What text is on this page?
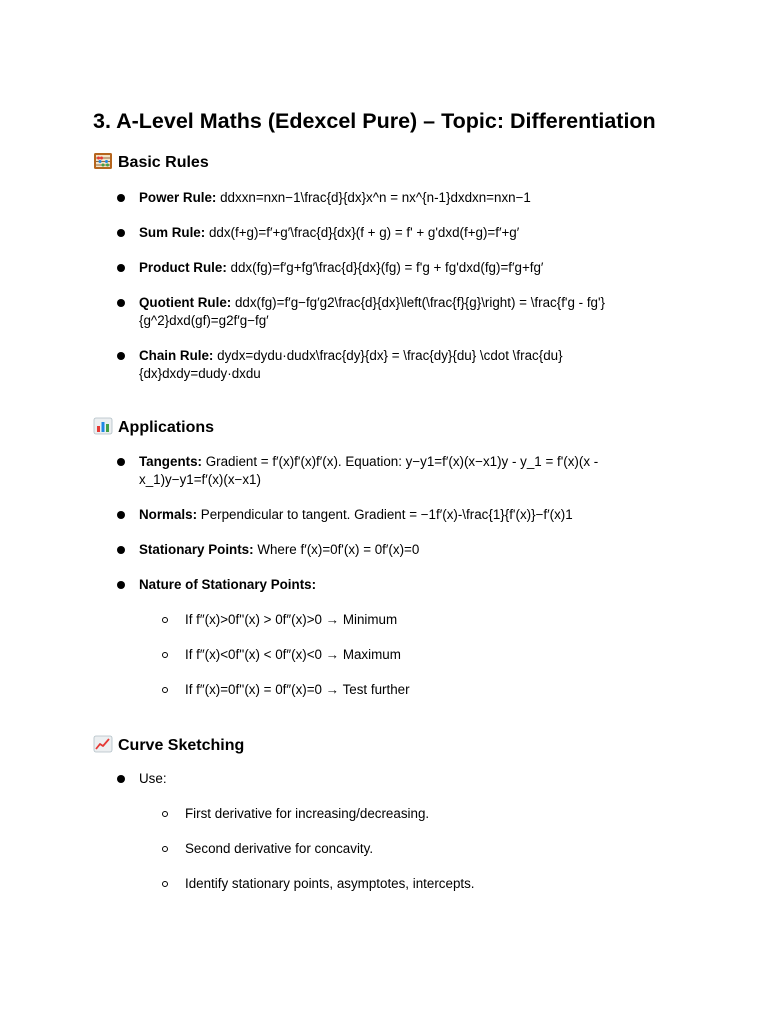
3. A-Level Maths (Edexcel Pure) – Topic: Differentiation
Basic Rules
Power Rule: ddxxn=nxn−1\frac{d}{dx}x^n = nx^{n-1}dxdxn=nxn−1
Sum Rule: ddx(f+g)=f′+g′\frac{d}{dx}(f + g) = f' + g'dxd(f+g)=f′+g′
Product Rule: ddx(fg)=f′g+fg′\frac{d}{dx}(fg) = f'g + fg'dxd(fg)=f′g+fg′
Quotient Rule: ddx(fg)=f′g−fg′g2\frac{d}{dx}\left(\frac{f}{g}\right) = \frac{f'g - fg'}{g^2}dxd(gf)=g2f′g−fg′
Chain Rule: dydx=dydu·dudx\frac{dy}{dx} = \frac{dy}{du} \cdot \frac{du}{dx}dxdy=dudy·dxdu
Applications
Tangents: Gradient = f′(x)f'(x)f′(x). Equation: y−y1=f′(x)(x−x1)y - y_1 = f'(x)(x - x_1)y−y1=f′(x)(x−x1)
Normals: Perpendicular to tangent. Gradient = −1f′(x)-\frac{1}{f'(x)}−f′(x)1
Stationary Points: Where f′(x)=0f'(x) = 0f′(x)=0
Nature of Stationary Points:
If f″(x)>0f''(x) > 0f″(x)>0 → Minimum
If f″(x)<0f''(x) < 0f″(x)<0 → Maximum
If f″(x)=0f''(x) = 0f″(x)=0 → Test further
Curve Sketching
Use:
First derivative for increasing/decreasing.
Second derivative for concavity.
Identify stationary points, asymptotes, intercepts.
